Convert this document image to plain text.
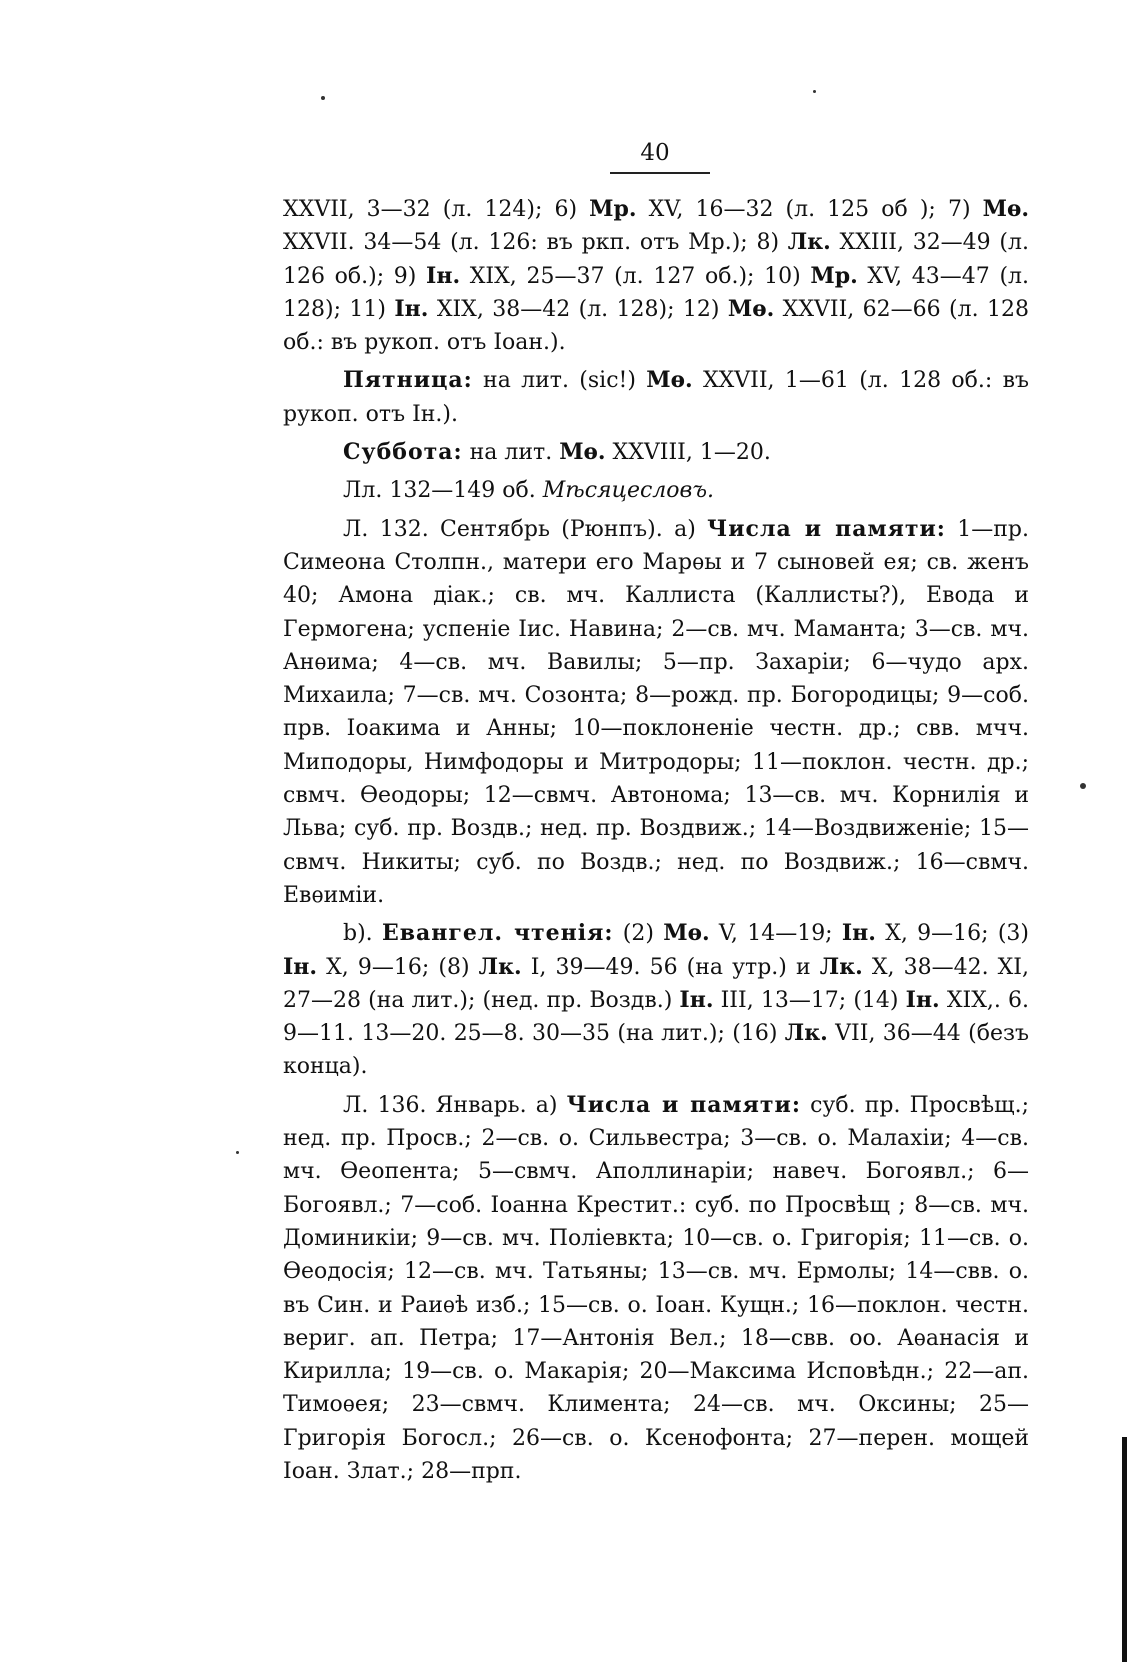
40

XXVII, 3—32 (л. 124); 6) Мр. XV, 16—32 (л. 125 об ); 7) Мѳ. XXVII. 34—54 (л. 126: въ ркп. отъ Мр.); 8) Лк. XXIII, 32—49 (л. 126 об.); 9) Iн. XIX, 25—37 (л. 127 об.); 10) Мр. XV, 43—47 (л. 128); 11) Iн. XIX, 38—42 (л. 128); 12) Мѳ. XXVII, 62—66 (л. 128 об.: въ рукоп. отъ Iоан.).

Пятница: на лит. (sic!) Мѳ. XXVII, 1—61 (л. 128 об.: въ рукоп. отъ Iн.).

Суббота: на лит. Мѳ. XXVIII, 1—20.

Лл. 132—149 об. Мѣсяцесловъ.

Л. 132. Сентябрь (Рюнпъ). а) Числа и памяти: 1—пр. Симеона Столпн., матери его Марѳы и 7 сыновей ея; св. женъ 40; Амона дiак.; св. мч. Каллиста (Каллисты?), Евода и Гермогена; успенiе Iис. Навина; 2—св. мч. Маманта; 3—св. мч. Анѳима; 4—св. мч. Вавилы; 5—пр. Захарiи; 6—чудо арх. Михаила; 7—св. мч. Созонта; 8—рожд. пр. Богородицы; 9—соб. прв. Iоакима и Анны; 10—поклоненiе честн. др.; свв. мчч. Миподоры, Нимфодоры и Митродоры; 11—поклон. честн. др.; свмч. Ѳеодоры; 12—свмч. Автонома; 13—св. мч. Корнилiя и Льва; суб. пр. Воздв.; нед. пр. Воздвиж.; 14—Воздвиженiе; 15—свмч. Никиты; суб. по Воздв.; нед. по Воздвиж.; 16—свмч. Евѳимiи.

b). Евангел. чтенiя: (2) Мѳ. V, 14—19; Iн. X, 9—16; (3) Iн. X, 9—16; (8) Лк. I, 39—49. 56 (на утр.) и Лк. X, 38—42. XI, 27—28 (на лит.); (нед. пр. Воздв.) Iн. III, 13—17; (14) Iн. XIX,. 6. 9—11. 13—20. 25—8. 30—35 (на лит.); (16) Лк. VII, 36—44 (безъ конца).

Л. 136. Январь. а) Числа и памяти: суб. пр. Просвѣщ.; нед. пр. Просв.; 2—св. о. Сильвестра; 3—св. о. Малахiи; 4—св. мч. Ѳеопента; 5—свмч. Аполлинарiи; навеч. Богоявл.; 6—Богоявл.; 7—соб. Iоанна Крестит.: суб. по Просвѣщ ; 8—св. мч. Доминикiи; 9—св. мч. Полiевкта; 10—св. о. Григорiя; 11—св. о. Ѳеодосiя; 12—св. мч. Татьяны; 13—св. мч. Ермолы; 14—свв. о. въ Син. и Раиѳѣ изб.; 15—св. о. Iоан. Кущн.; 16—поклон. честн. вериг. ап. Петра; 17—Антонiя Вел.; 18—свв. оо. Аѳанасiя и Кирилла; 19—св. о. Макарiя; 20—Максима Исповѣдн.; 22—ап. Тимоѳея; 23—свмч. Климента; 24—св. мч. Оксины; 25—Григорiя Богосл.; 26—св. о. Ксенофонта; 27—перен. мощей Iоан. Злат.; 28—прп.
